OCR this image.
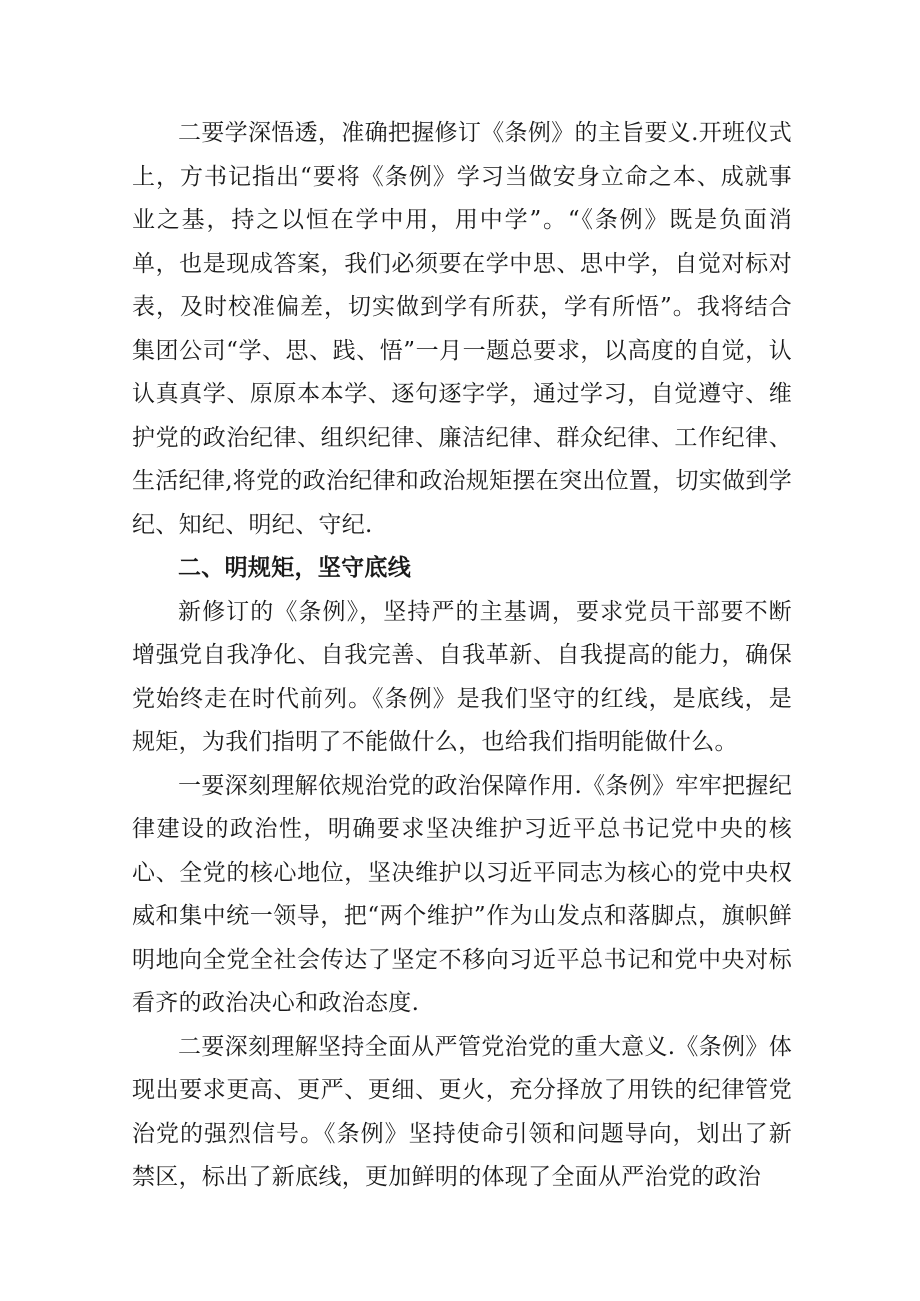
二要学深悟透，准确把握修订《条例》的主旨要义.开班仪式上，方书记指出“要将《条例》学习当做安身立命之本、成就事业之基，持之以恒在学中用，用中学”。“《条例》既是负面消单，也是现成答案，我们必须要在学中思、思中学，自觉对标对表，及时校准偏差，切实做到学有所获，学有所悟”。我将结合集团公司“学、思、践、悟”一月一题总要求，以高度的自觉，认认真真学、原原本本学、逐句逐字学，通过学习，自觉遵守、维护党的政治纪律、组织纪律、廉洁纪律、群众纪律、工作纪律、生活纪律,将党的政治纪律和政治规矩摆在突出位置，切实做到学纪、知纪、明纪、守纪.

二、明规矩，坚守底线

新修订的《条例》，坚持严的主基调，要求党员干部要不断增强党自我净化、自我完善、自我革新、自我提高的能力，确保党始终走在时代前列。《条例》是我们坚守的红线，是底线，是规矩，为我们指明了不能做什么，也给我们指明能做什么。

一要深刻理解依规治党的政治保障作用.《条例》牢牢把握纪律建设的政治性，明确要求坚决维护习近平总书记党中央的核心、全党的核心地位，坚决维护以习近平同志为核心的党中央权威和集中统一领导，把“两个维护”作为山发点和落脚点，旗帜鲜明地向全党全社会传达了坚定不移向习近平总书记和党中央对标看齐的政治决心和政治态度.

二要深刻理解坚持全面从严管党治党的重大意义.《条例》体现出要求更高、更严、更细、更火，充分择放了用铁的纪律管党治党的强烈信号。《条例》坚持使命引领和问题导向，划出了新禁区，标出了新底线，更加鲜明的体现了全面从严治党的政治
